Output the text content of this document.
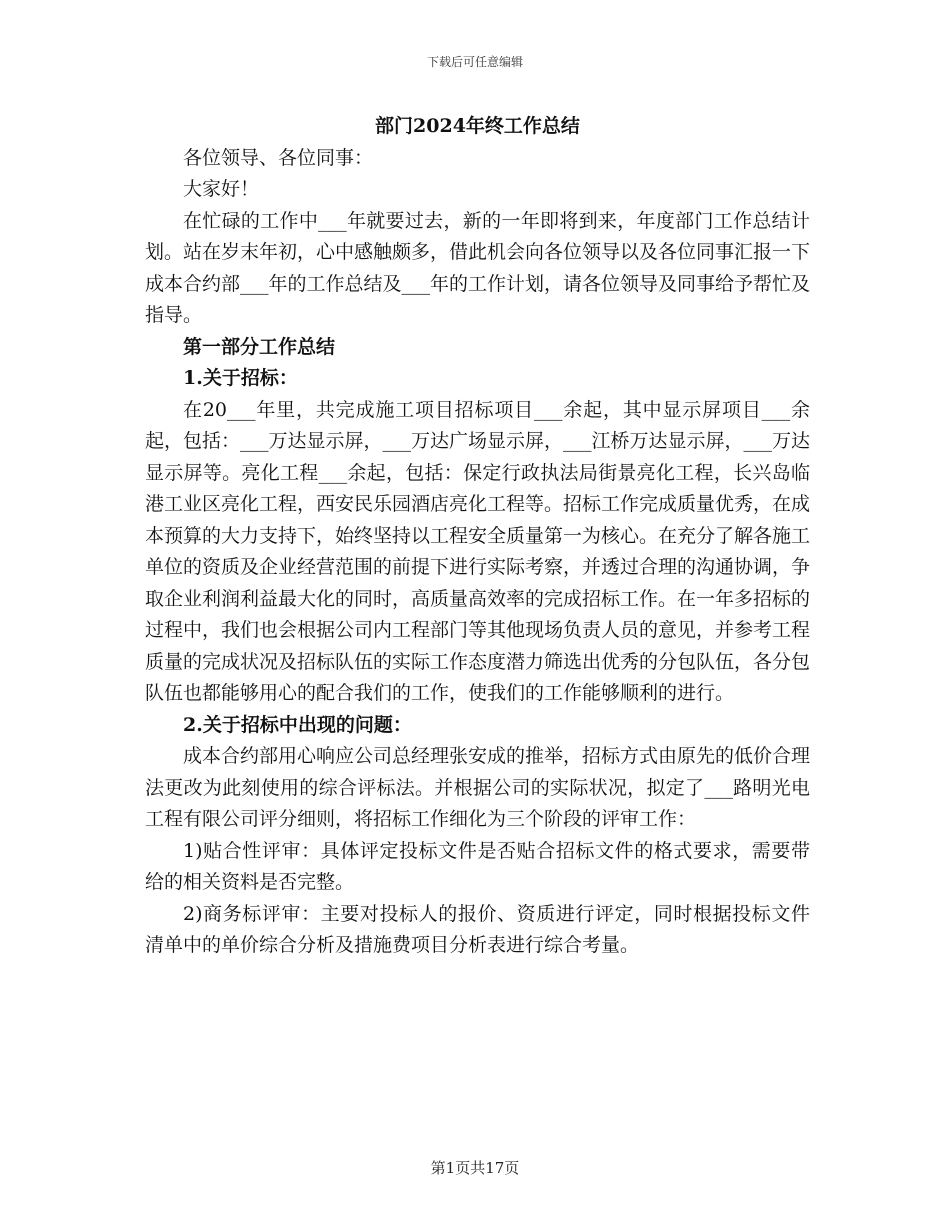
下载后可任意编辑
部门2024年终工作总结

各位领导、各位同事：

大家好！

在忙碌的工作中___年就要过去，新的一年即将到来，年度部门工作总结计划。站在岁末年初，心中感触颇多，借此机会向各位领导以及各位同事汇报一下成本合约部___年的工作总结及___年的工作计划，请各位领导及同事给予帮忙及指导。

第一部分工作总结

1.关于招标：

在20___年里，共完成施工项目招标项目___余起，其中显示屏项目___余起，包括：___万达显示屏，___万达广场显示屏，___江桥万达显示屏，___万达显示屏等。亮化工程___余起，包括：保定行政执法局街景亮化工程，长兴岛临港工业区亮化工程，西安民乐园酒店亮化工程等。招标工作完成质量优秀，在成本预算的大力支持下，始终坚持以工程安全质量第一为核心。在充分了解各施工单位的资质及企业经营范围的前提下进行实际考察，并透过合理的沟通协调，争取企业利润利益最大化的同时，高质量高效率的完成招标工作。在一年多招标的过程中，我们也会根据公司内工程部门等其他现场负责人员的意见，并参考工程质量的完成状况及招标队伍的实际工作态度潜力筛选出优秀的分包队伍，各分包队伍也都能够用心的配合我们的工作，使我们的工作能够顺利的进行。

2.关于招标中出现的问题：

成本合约部用心响应公司总经理张安成的推举，招标方式由原先的低价合理法更改为此刻使用的综合评标法。并根据公司的实际状况，拟定了___路明光电工程有限公司评分细则，将招标工作细化为三个阶段的评审工作：

1)贴合性评审：具体评定投标文件是否贴合招标文件的格式要求，需要带给的相关资料是否完整。

2)商务标评审：主要对投标人的报价、资质进行评定，同时根据投标文件清单中的单价综合分析及措施费项目分析表进行综合考量。

第1页共17页
